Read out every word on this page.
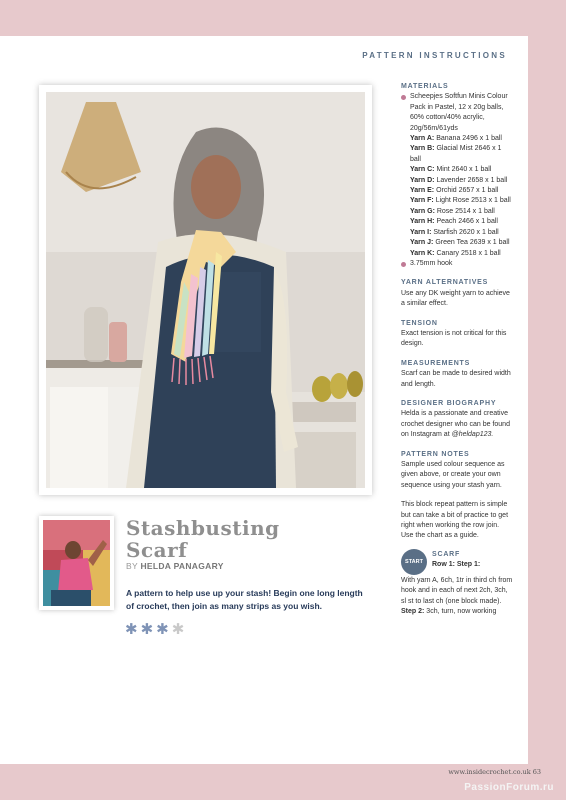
PATTERN INSTRUCTIONS
Stashbusting
Scarf
BY HELDA PANAGARY
A pattern to help use up your stash! Begin one long length of crochet, then join as many strips as you wish.
✱ ✱ ✱ ✱
MATERIALS
Scheepjes Softfun Minis Colour Pack in Pastel, 12 x 20g balls, 60% cotton/40% acrylic, 20g/56m/61yds
Yarn A: Banana 2496 x 1 ball
Yarn B: Glacial Mist 2646 x 1 ball
Yarn C: Mint 2640 x 1 ball
Yarn D: Lavender 2658 x 1 ball
Yarn E: Orchid 2657 x 1 ball
Yarn F: Light Rose 2513 x 1 ball
Yarn G: Rose 2514 x 1 ball
Yarn H: Peach 2466 x 1 ball
Yarn I: Starfish 2620 x 1 ball
Yarn J: Green Tea 2639 x 1 ball
Yarn K: Canary 2518 x 1 ball
3.75mm hook
YARN ALTERNATIVES

Use any DK weight yarn to achieve a similar effect.

TENSION

Exact tension is not critical for this design.

MEASUREMENTS

Scarf can be made to desired width and length.

DESIGNER BIOGRAPHY

Helda is a passionate and creative crochet designer who can be found on Instagram at @heldap123.

PATTERN NOTES

Sample used colour sequence as given above, or create your own sequence using your stash yarn.

This block repeat pattern is simple but can take a bit of practice to get right when working the row join. Use the chart as a guide.

START
SCARF
Row 1: Step 1:

With yarn A, 6ch, 1tr in third ch from hook and in each of next 2ch, 3ch, sl st to last ch (one block made).

Step 2: 3ch, turn, now working

www.insidecrochet.co.uk 63
PassionForum.ru
